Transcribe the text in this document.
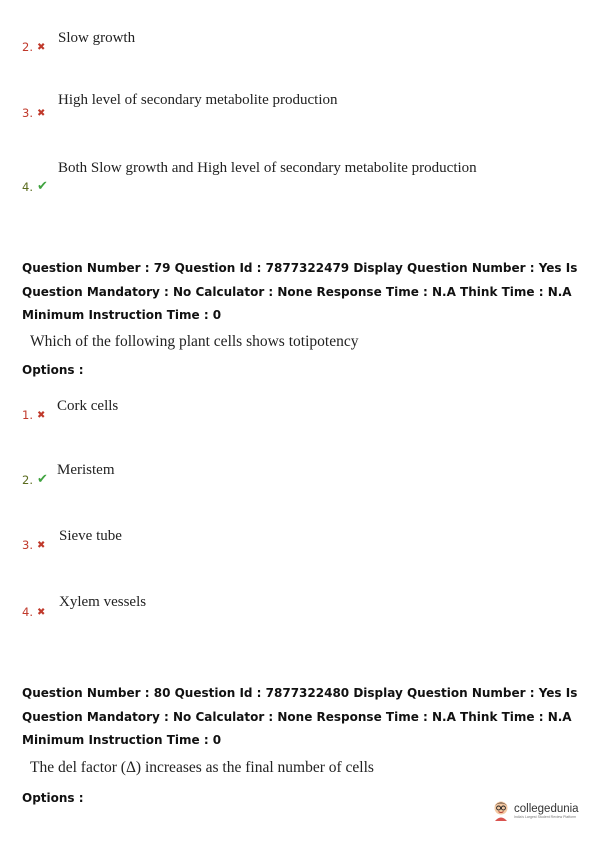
Slow growth
2. ✖
High level of secondary metabolite production
3. ✖
Both Slow growth and High level of secondary metabolite production
4. ✔
Question Number : 79 Question Id : 7877322479 Display Question Number : Yes Is Question Mandatory : No Calculator : None Response Time : N.A Think Time : N.A Minimum Instruction Time : 0
Which of the following plant cells shows totipotency
Options :
Cork cells
1. ✖
Meristem
2. ✔
Sieve tube
3. ✖
Xylem vessels
4. ✖
Question Number : 80 Question Id : 7877322480 Display Question Number : Yes Is Question Mandatory : No Calculator : None Response Time : N.A Think Time : N.A Minimum Instruction Time : 0
The del factor (Δ) increases as the final number of cells
Options :
collegedunia
India's Largest Student Review Platform
